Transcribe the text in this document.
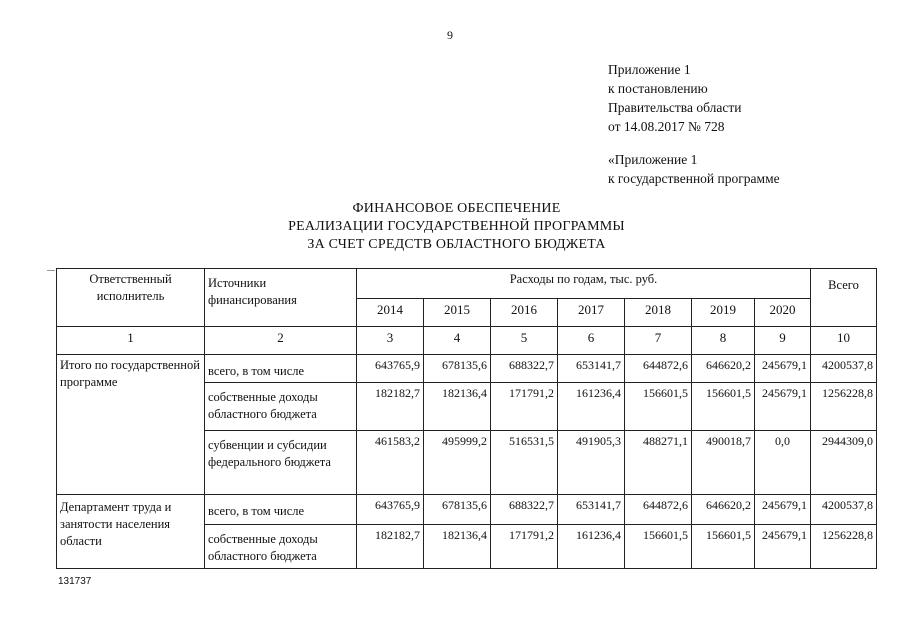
9
Приложение 1
к постановлению
Правительства области
от 14.08.2017 № 728
«Приложение 1
к государственной программе
ФИНАНСОВОЕ ОБЕСПЕЧЕНИЕ
РЕАЛИЗАЦИИ ГОСУДАРСТВЕННОЙ ПРОГРАММЫ
ЗА СЧЕТ СРЕДСТВ ОБЛАСТНОГО БЮДЖЕТА
Ответственный исполнитель	Источники финансирования	Расходы по годам, тыс. руб.							Всего
		2014	2015	2016	2017	2018	2019	2020	
1	2	3	4	5	6	7	8	9	10
Итого по государственной программе	всего, в том числе	643765,9	678135,6	688322,7	653141,7	644872,6	646620,2	245679,1	4200537,8
	собственные доходы областного бюджета	182182,7	182136,4	171791,2	161236,4	156601,5	156601,5	245679,1	1256228,8
	субвенции и субсидии федерального бюджета	461583,2	495999,2	516531,5	491905,3	488271,1	490018,7	0,0	2944309,0
Департамент труда и занятости населения области	всего, в том числе	643765,9	678135,6	688322,7	653141,7	644872,6	646620,2	245679,1	4200537,8
	собственные доходы областного бюджета	182182,7	182136,4	171791,2	161236,4	156601,5	156601,5	245679,1	1256228,8
131737
